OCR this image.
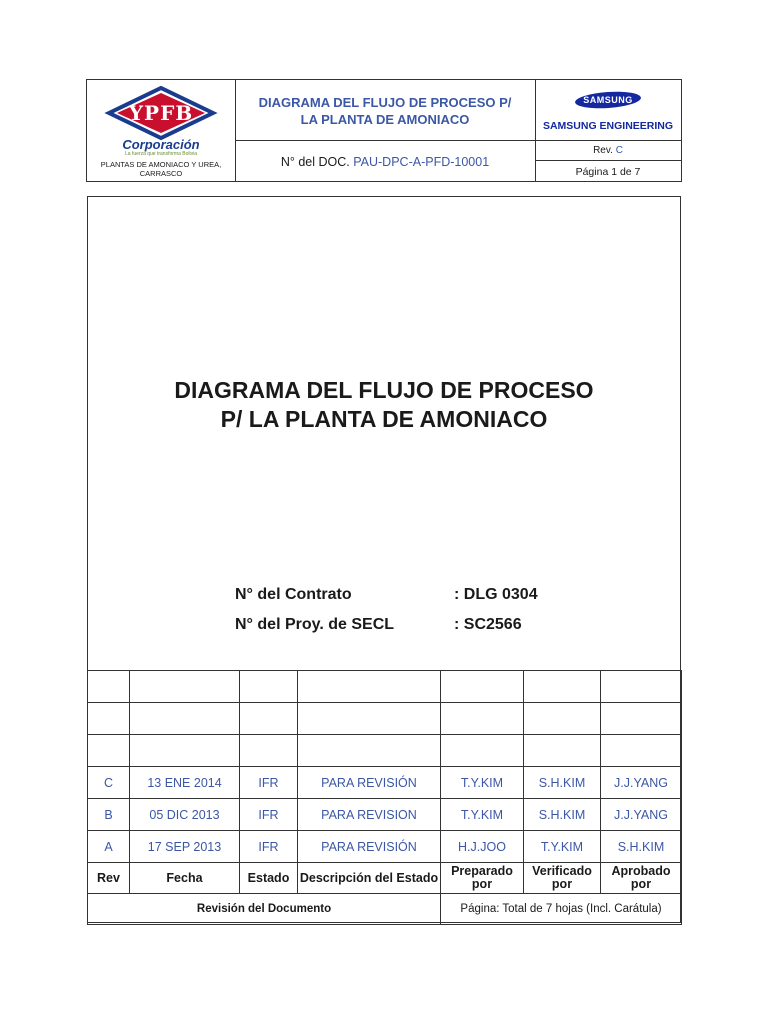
YPFB
Corporación
La fuerza que transforma Bolivia
PLANTAS DE AMONIACO Y UREA, CARRASCO
DIAGRAMA DEL FLUJO DE PROCESO P/ LA PLANTA DE AMONIACO
N° del DOC.
PAU-DPC-A-PFD-10001
SAMSUNG
SAMSUNG ENGINEERING
Rev.
C
Página 1 de 7
DIAGRAMA DEL FLUJO DE PROCESO
P/ LA PLANTA DE AMONIACO
N° del Contrato	: DLG 0304
N° del Proy. de SECL	: SC2566

C	13 ENE 2014	IFR	PARA REVISIÓN	T.Y.KIM	S.H.KIM	J.J.YANG
B	05 DIC 2013	IFR	PARA REVISION	T.Y.KIM	S.H.KIM	J.J.YANG
A	17 SEP 2013	IFR	PARA REVISIÓN	H.J.JOO	T.Y.KIM	S.H.KIM
Rev	Fecha	Estado	Descripción del Estado	Preparado por	Verificado por	Aprobado por
Revisión del Documento				Página: Total de 7 hojas (Incl. Carátula)		
